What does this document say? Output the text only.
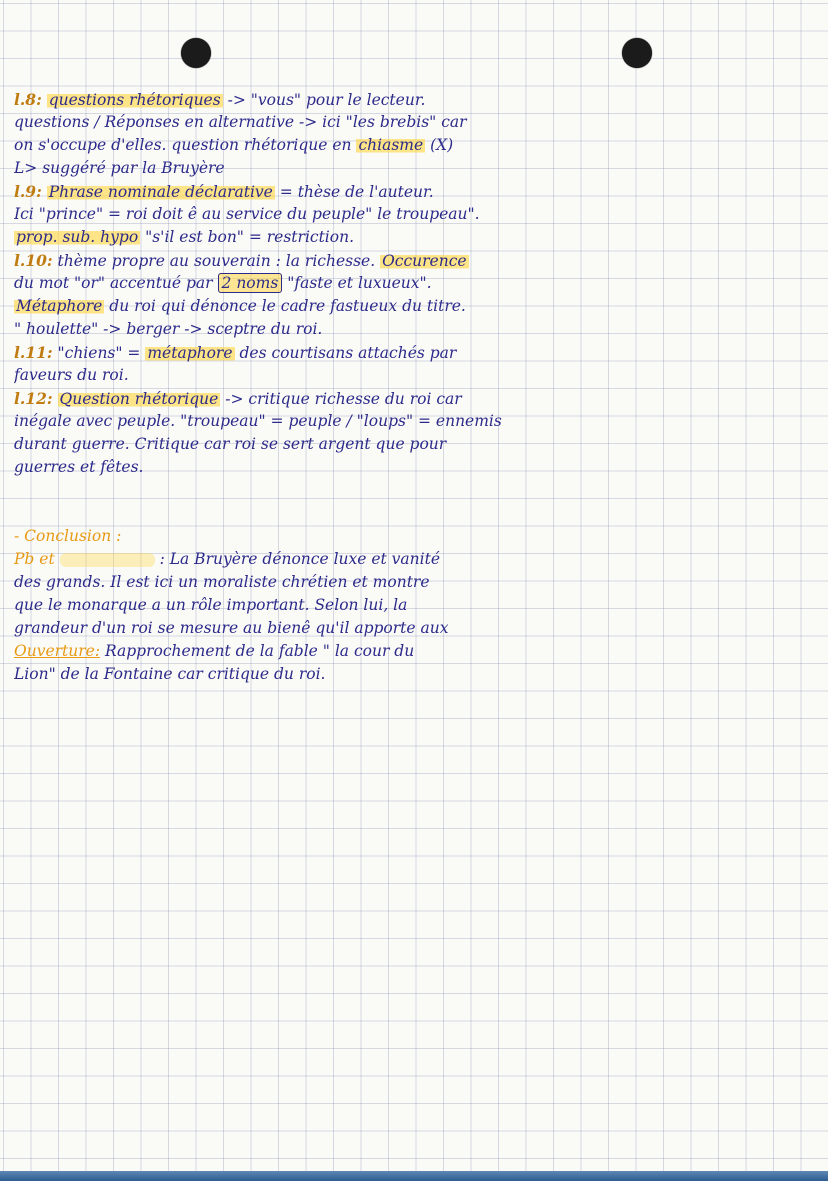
l.8: questions rhétoriques -> "vous" pour le lecteur.
questions / Réponses en alternative -> ici "les brebis" car
on s'occupe d'elles. question rhétorique en chiasme (X)
L> suggéré par la Bruyère
l.9: Phrase nominale déclarative = thèse de l'auteur.
Ici "prince" = roi doit ê au service du peuple" le troupeau".
prop. sub. hypo "s'il est bon" = restriction.
l.10: thème propre au souverain : la richesse. Occurence
du mot "or" accentué par 2 noms "faste et luxueux".
Métaphore du roi qui dénonce le cadre fastueux du titre.
" houlette" -> berger -> sceptre du roi.
l.11: "chiens" = métaphore des courtisans attachés par
faveurs du roi.
l.12: Question rhétorique -> critique richesse du roi car
inégale avec peuple. "troupeau" = peuple / "loups" = ennemis
durant guerre. Critique car roi se sert argent que pour
guerres et fêtes.
- Conclusion :
Pb et	: La Bruyère dénonce luxe et vanité
des grands. Il est ici un moraliste chrétien et montre
que le monarque a un rôle important. Selon lui, la
grandeur d'un roi se mesure au bienê qu'il apporte aux
Ouverture: Rapprochement de la fable " la cour du
Lion" de la Fontaine car critique du roi.
